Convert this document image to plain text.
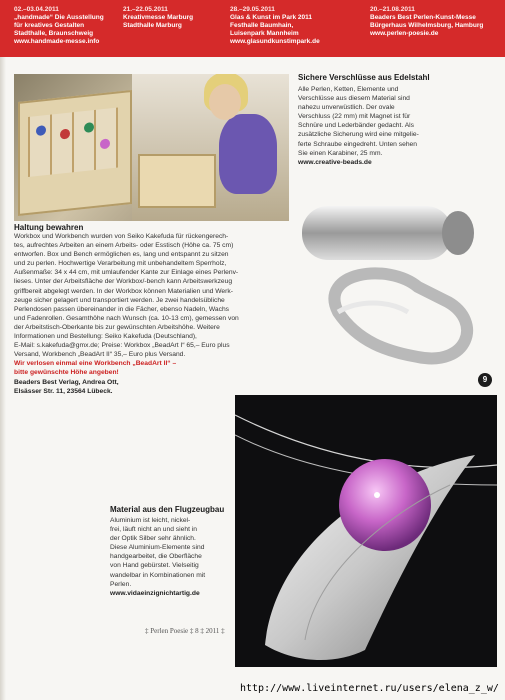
02.–03.04.2011
„handmade“ Die Ausstellung
für kreatives Gestalten
Stadthalle, Braunschweig
www.handmade-messe.info
21.–22.05.2011
Kreativmesse Marburg
Stadthalle Marburg
28.–29.05.2011
Glas & Kunst im Park 2011
Festhalle Baumhain,
Luisenpark Mannheim
www.glasundkunstimpark.de
20.–21.08.2011
Beaders Best Perlen-Kunst-Messe
Bürgerhaus Wilhelmsburg, Hamburg
www.perlen-poesie.de
Sichere Verschlüsse aus Edelstahl
Alle Perlen, Ketten, Elemente und
Verschlüsse aus diesem Material sind
nahezu unverwüstlich. Der ovale
Verschluss (22 mm) mit Magnet ist für
Schnüre und Lederbänder gedacht. Als
zusätzliche Sicherung wird eine mitgelie-
ferte Schraube eingedreht. Unten sehen
Sie einen Karabiner, 25 mm.
www.creative-beads.de
Haltung bewahren
Workbox und Workbench wurden von Seiko Kakefuda für rückengerech-
tes, aufrechtes Arbeiten an einem Arbeits- oder Esstisch (Höhe ca. 75 cm)
entworfen. Box und Bench ermöglichen es, lang und entspannt zu sitzen
und zu perlen. Hochwertige Verarbeitung mit unbehandeltem Sperrholz,
Außenmaße: 34 x 44 cm, mit umlaufender Kante zur Einlage eines Perlenv-
lieses. Unter der Arbeitsfläche der Workbox/-bench kann Arbeitswerkzeug
griffbereit abgelegt werden. In der Workbox können Materialien und Werk-
zeuge sicher gelagert und transportiert werden. Je zwei handelsübliche
Perlendosen passen übereinander in die Fächer, ebenso Nadeln, Wachs
und Fadenrollen. Gesamthöhe nach Wunsch (ca. 10-13 cm), gemessen von
der Arbeitstisch-Oberkante bis zur gewünschten Arbeitshöhe. Weitere
Informationen und Bestellung: Seiko Kakefuda (Deutschland),
E-Mail: s.kakefuda@gmx.de; Preise: Workbox „BeadArt I“ 65,– Euro plus
Versand, Workbench „BeadArt II“ 35,– Euro plus Versand.
Wir verlosen einmal eine Workbench „BeadArt II“ –
bitte gewünschte Höhe angeben!
Beaders Best Verlag, Andrea Ott,
Elsässer Str. 11, 23564 Lübeck.
9
Material aus den Flugzeugbau
Aluminium ist leicht, nickel-
frei, läuft nicht an und sieht in
der Optik Silber sehr ähnlich.
Diese Aluminium-Elemente sind
handgearbeitet, die Oberfläche
von Hand gebürstet. Vielseitig
wandelbar in Kombinationen mit
Perlen.
www.vidaeinzignichtartig.de
‡ Perlen Poesie ‡ 8 ‡ 2011 ‡
http://www.liveinternet.ru/users/elena_z_w/
